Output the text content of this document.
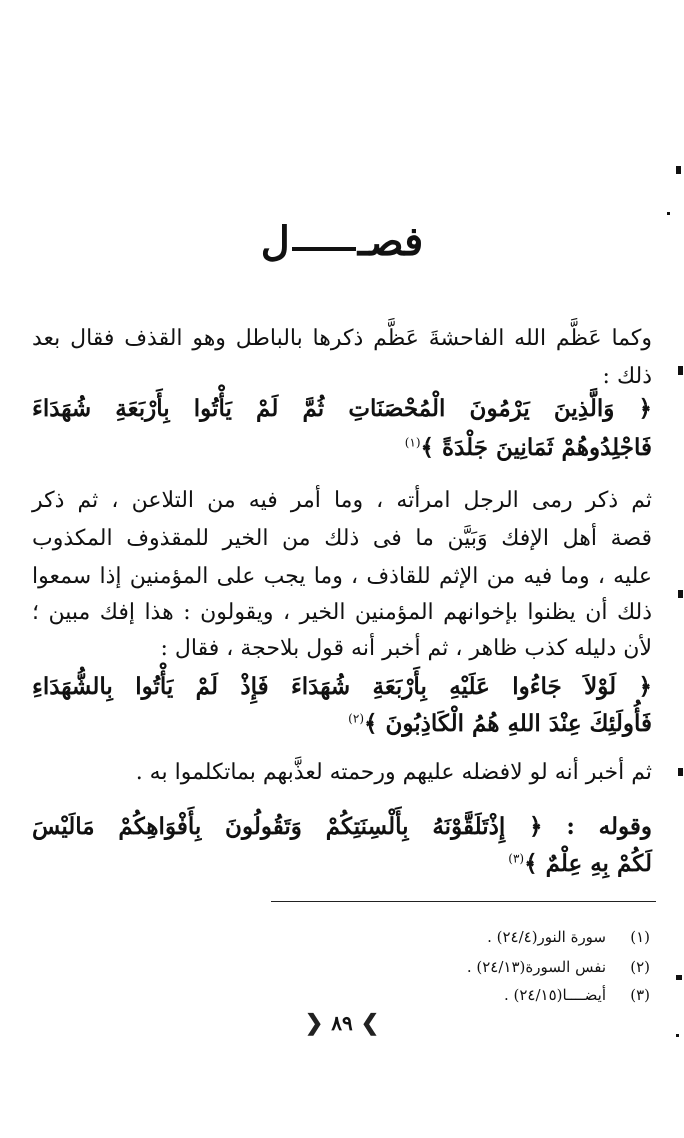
فصـل
وكما عَظَّم الله الفاحشةَ عَظَّم ذكرها بالباطل وهو القذف فقال بعد
ذلك :
﴿ وَالَّذِينَ يَرْمُونَ الْمُحْصَنَاتِ ثُمَّ لَمْ يَأْتُوا بِأَرْبَعَةِ شُهَدَاءَ
فَاجْلِدُوهُمْ ثَمَانِينَ جَلْدَةً ﴾$^{(١)}$
ثم ذكر رمى الرجل امرأته ، وما أمر فيه من التلاعن ، ثم ذكر
قصة أهل الإفك وَبَيَّن ما فى ذلك من الخير للمقذوف المكذوب
عليه ، وما فيه من الإثم للقاذف ، وما يجب على المؤمنين إذا سمعوا
ذلك أن يظنوا بإخوانهم المؤمنين الخير ، ويقولون : هذا إفك مبين ؛
لأن دليله كذب ظاهر ، ثم أخبر أنه قول بلاحجة ، فقال :
﴿ لَوْلاَ جَاءُوا عَلَيْهِ بِأَرْبَعَةِ شُهَدَاءَ فَإِذْ لَمْ يَأْتُوا بِالشُّهَدَاءِ
فَأُولَئِكَ عِنْدَ اللهِ هُمُ الْكَاذِبُونَ ﴾$^{(٢)}$
ثم أخبر أنه لو لافضله عليهم ورحمته لعذَّبهم بماتكلموا به .
وقوله : ﴿ إِذْتَلَقَّوْنَهُ بِأَلْسِنَتِكُمْ وَتَقُولُونَ بِأَفْوَاهِكُمْ مَالَيْسَ
لَكُمْ بِهِ عِلْمٌ ﴾$^{(٣)}$
(١)سورة النور(٢٤/٤) .
(٢)نفس السورة(٢٤/١٣) .
(٣)أيضــــا(٢٤/١٥) .
❯٨٩❮
